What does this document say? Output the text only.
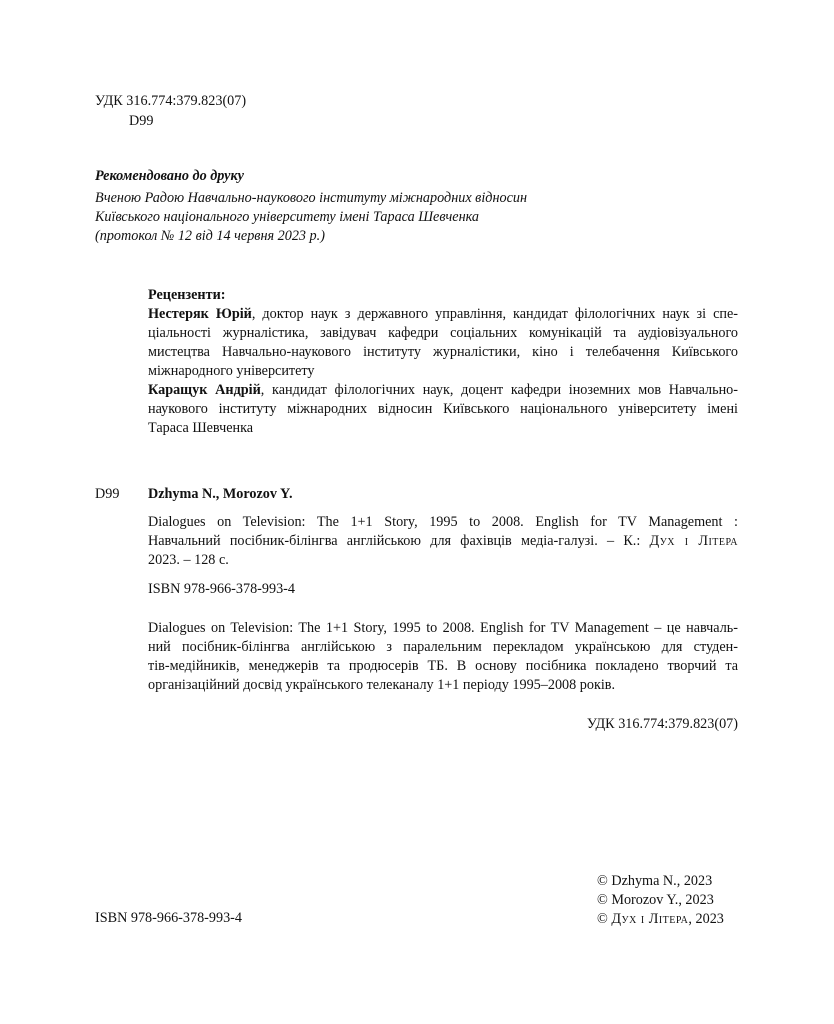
УДК 316.774:379.823(07)
D99
Рекомендовано до друку
Вченою Радою Навчально-наукового інституту міжнародних відносин
Київського національного університету імені Тараса Шевченка
(протокол № 12 від 14 червня 2023 р.)
Рецензенти:
Нестеряк Юрій, доктор наук з державного управління, кандидат філологічних наук зі спе-
ціальності журналістика, завідувач кафедри соціальних комунікацій та аудіовізуального
мистецтва Навчально-наукового інституту журналістики, кіно і телебачення Київського
міжнародного університету
Каращук Андрій, кандидат філологічних наук, доцент кафедри іноземних мов Навчально-
наукового інституту міжнародних відносин Київського національного університету імені
Тараса Шевченка
D99 Dzhyma N., Morozov Y.
Dialogues on Television: The 1+1 Story, 1995 to 2008. English for TV Management :
Навчальний посібник-білінгва англійською для фахівців медіа-галузі. – К.: Дух і Літера
2023. – 128 с.
ISBN 978-966-378-993-4
Dialogues on Television: The 1+1 Story, 1995 to 2008. English for TV Management – це навчаль-
ний посібник-білінгва англійською з паралельним перекладом українською для студен-
тів-медійників, менеджерів та продюсерів ТБ. В основу посібника покладено творчий та
організаційний досвід українського телеканалу 1+1 періоду 1995–2008 років.
УДК 316.774:379.823(07)
ISBN 978-966-378-993-4
© Dzhyma N., 2023
© Morozov Y., 2023
© Дух і Літера, 2023
